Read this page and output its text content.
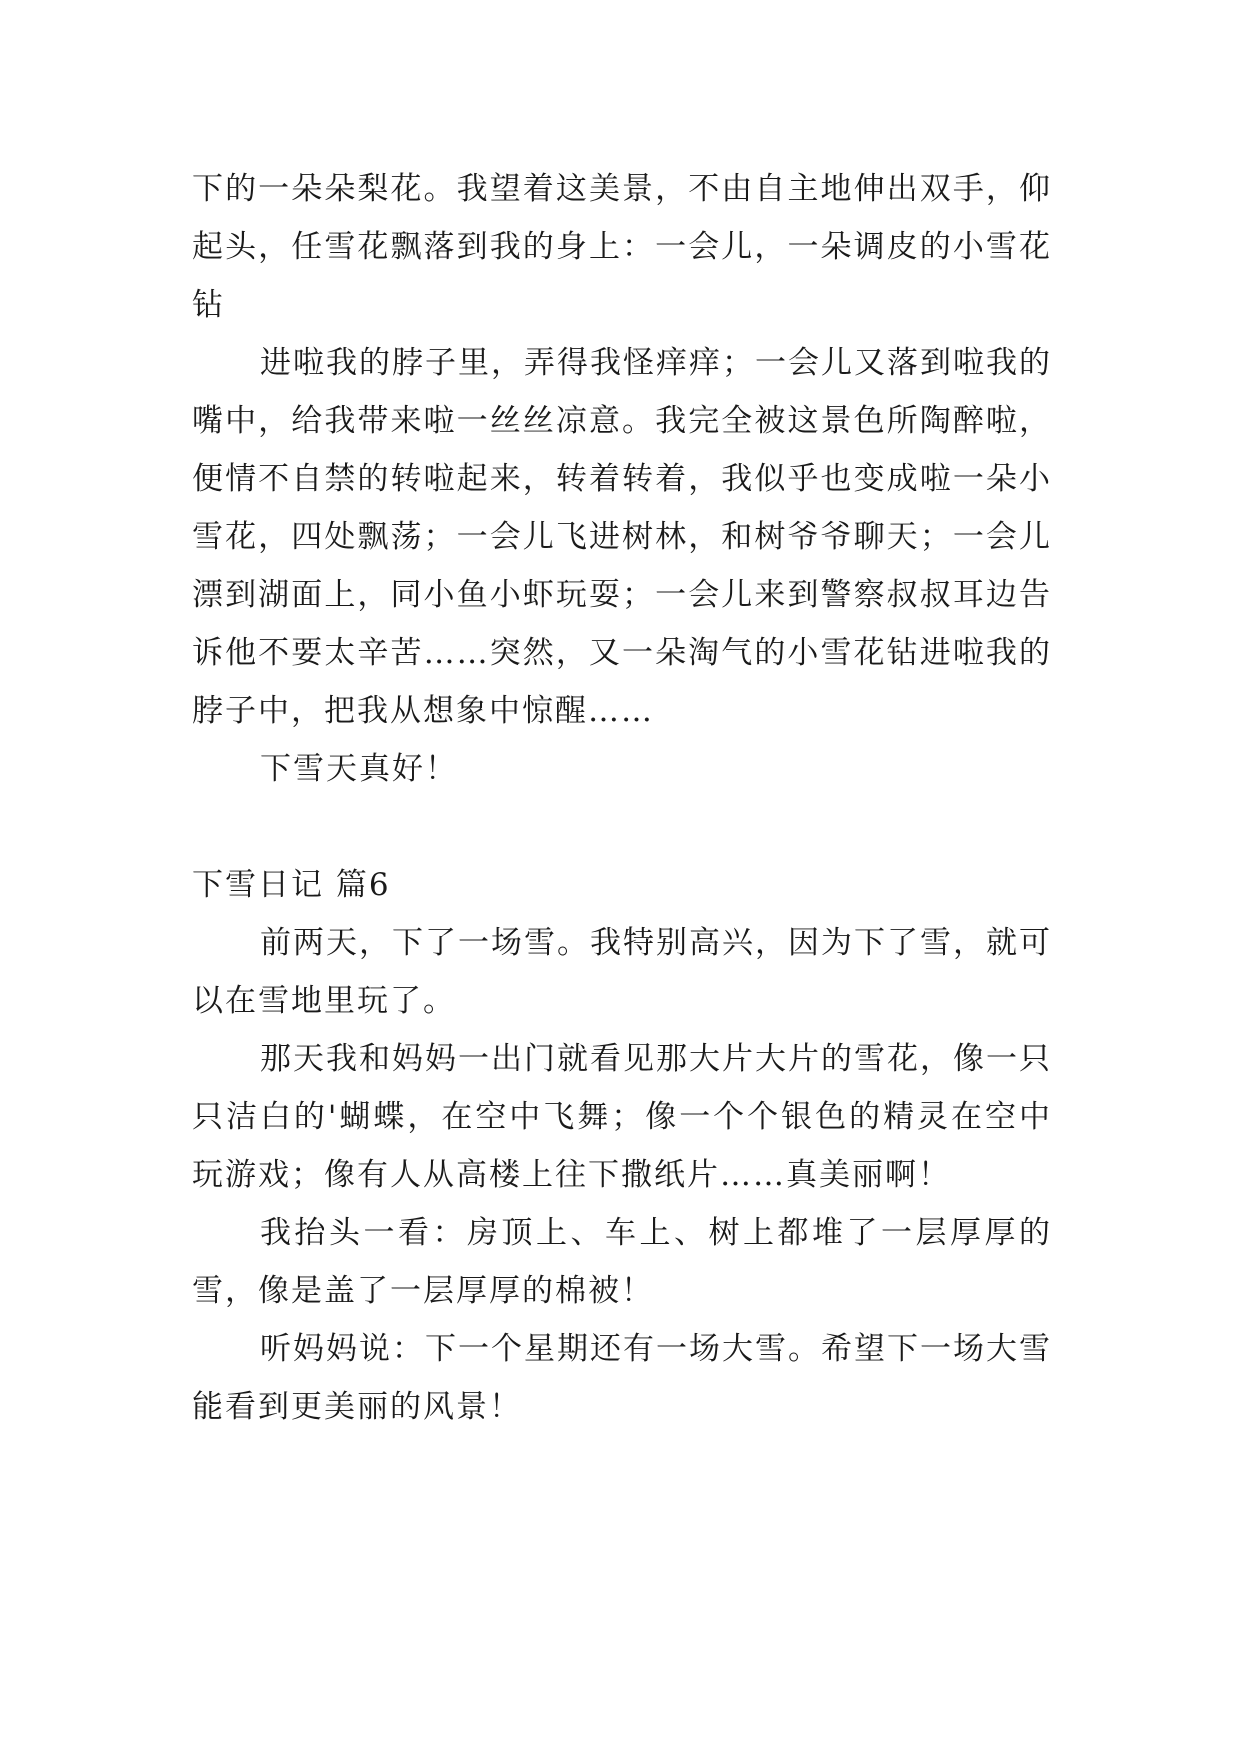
下的一朵朵梨花。我望着这美景，不由自主地伸出双手，仰起头，任雪花飘落到我的身上：一会儿，一朵调皮的小雪花钻

进啦我的脖子里，弄得我怪痒痒；一会儿又落到啦我的嘴中，给我带来啦一丝丝凉意。我完全被这景色所陶醉啦，便情不自禁的转啦起来，转着转着，我似乎也变成啦一朵小雪花，四处飘荡；一会儿飞进树林，和树爷爷聊天；一会儿漂到湖面上，同小鱼小虾玩耍；一会儿来到警察叔叔耳边告诉他不要太辛苦……突然，又一朵淘气的小雪花钻进啦我的脖子中，把我从想象中惊醒……

下雪天真好！

下雪日记 篇6

前两天，下了一场雪。我特别高兴，因为下了雪，就可以在雪地里玩了。

那天我和妈妈一出门就看见那大片大片的雪花，像一只只洁白的'蝴蝶，在空中飞舞；像一个个银色的精灵在空中玩游戏；像有人从高楼上往下撒纸片……真美丽啊！

我抬头一看：房顶上、车上、树上都堆了一层厚厚的雪，像是盖了一层厚厚的棉被！

听妈妈说：下一个星期还有一场大雪。希望下一场大雪能看到更美丽的风景！
